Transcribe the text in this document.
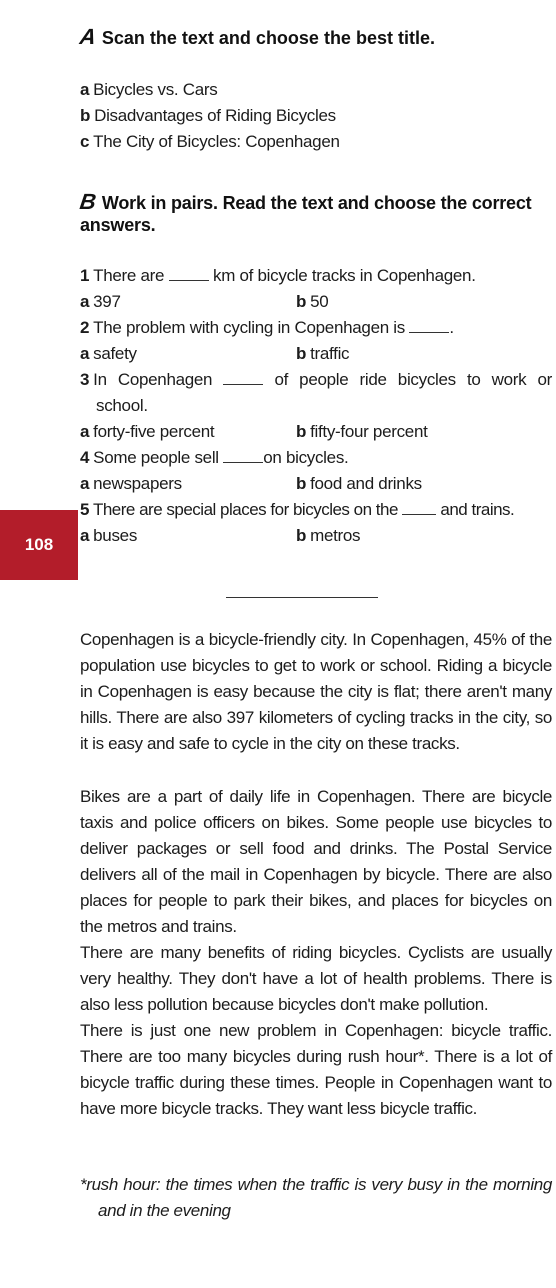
A Scan the text and choose the best title.
a Bicycles vs. Cars
b Disadvantages of Riding Bicycles
c The City of Bicycles: Copenhagen
B Work in pairs. Read the text and choose the correct answers.
1 There are	km of bicycle tracks in Copenhagen.
a 397	b 50
2 The problem with cycling in Copenhagen is	.
a safety	b traffic
3 In Copenhagen	of people ride bicycles to work or
school.
a forty-five percent	b fifty-four percent
4 Some people sell	on bicycles.
a newspapers	b food and drinks
5 There are special places for bicycles on the and trains.
a buses	b metros
108

Copenhagen is a bicycle-friendly city. In Copenhagen, 45% of the population use bicycles to get to work or school. Riding a bicycle in Copenhagen is easy because the city is flat; there aren't many hills. There are also 397 kilometers of cycling tracks in the city, so it is easy and safe to cycle in the city on these tracks.

Bikes are a part of daily life in Copenhagen. There are bicycle taxis and police officers on bikes. Some people use bicycles to deliver packages or sell food and drinks. The Postal Service delivers all of the mail in Copenhagen by bicycle. There are also places for people to park their bikes, and places for bicycles on the metros and trains.

There are many benefits of riding bicycles. Cyclists are usually very healthy. They don't have a lot of health problems. There is also less pollution because bicycles don't make pollution.

There is just one new problem in Copenhagen: bicycle traffic. There are too many bicycles during rush hour*. There is a lot of bicycle traffic during these times. People in Copenhagen want to have more bicycle tracks. They want less bicycle traffic.

*rush hour: the times when the traffic is very busy in the morning and in the evening
